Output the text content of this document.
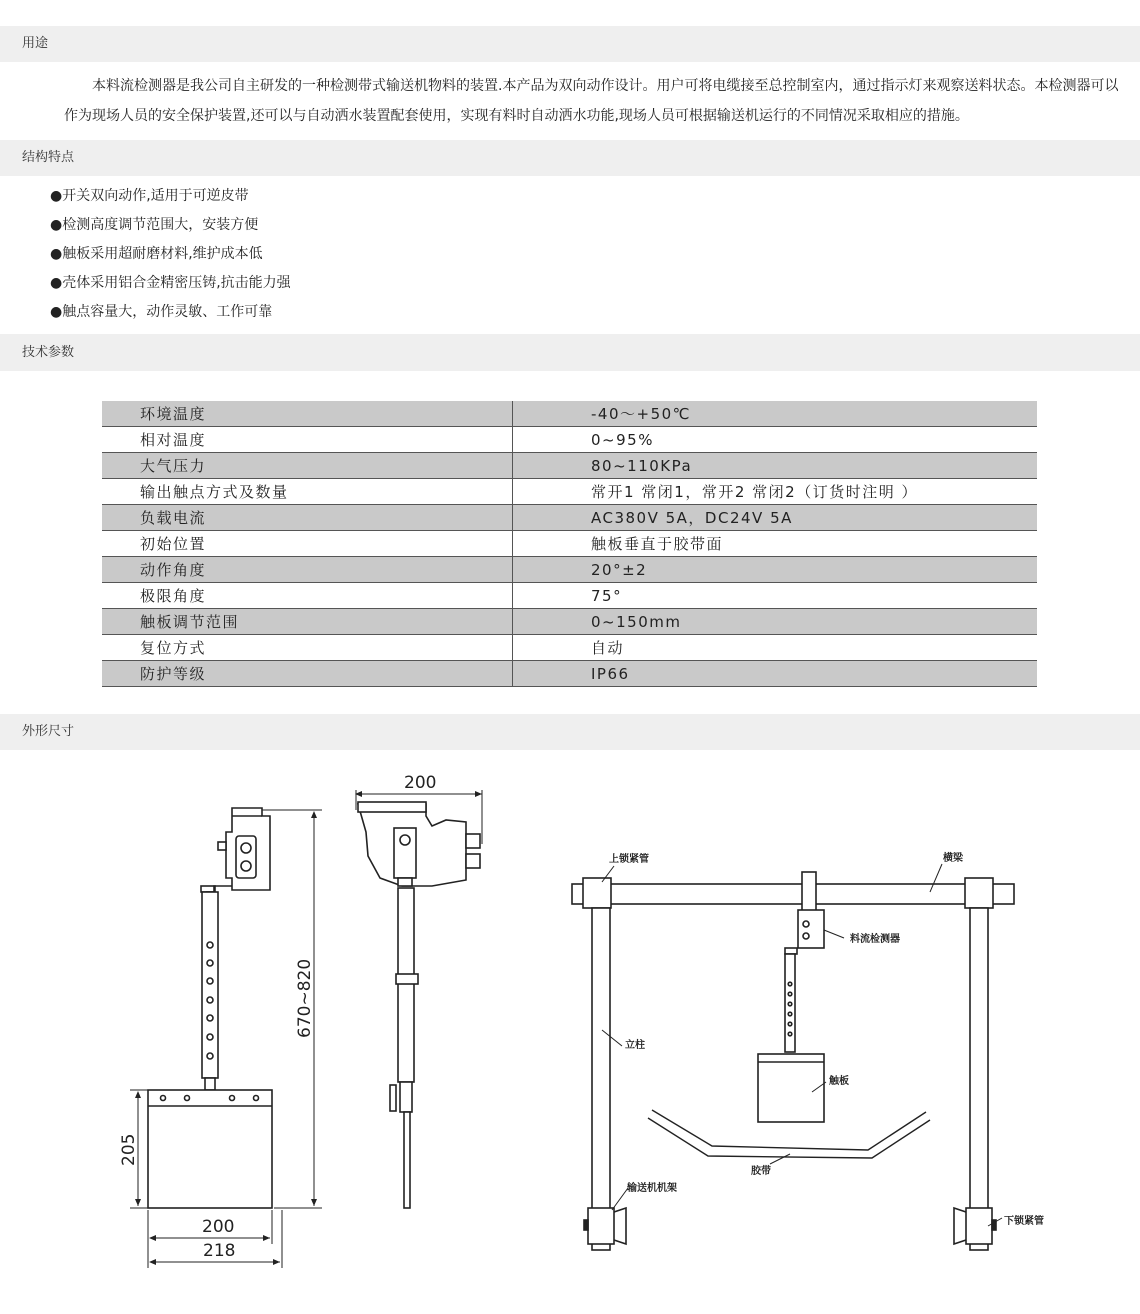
用途
本料流检测器是我公司自主研发的一种检测带式输送机物料的装置.本产品为双向动作设计。用户可将电缆接至总控制室内，通过指示灯来观察送料状态。本检测器可以
作为现场人员的安全保护装置,还可以与自动洒水装置配套使用，实现有料时自动洒水功能,现场人员可根据输送机运行的不同情况采取相应的措施。
结构特点
●开关双向动作,适用于可逆皮带
●检测高度调节范围大，安装方便
●触板采用超耐磨材料,维护成本低
●壳体采用铝合金精密压铸,抗击能力强
●触点容量大，动作灵敏、工作可靠
技术参数
环境温度	-40～+50℃
相对温度	0~95%
大气压力	80~110KPa
输出触点方式及数量	常开1 常闭1，常开2 常闭2（订货时注明 ）
负载电流	AC380V 5A，DC24V 5A
初始位置	触板垂直于胶带面
动作角度	20°±2
极限角度	75°
触板调节范围	0~150mm
复位方式	自动
防护等级	IP66
外形尺寸
670~820
205
200
218
200
上锁紧管	横梁
料流检测器
立柱
触板
胶带
输送机机架
下锁紧管
